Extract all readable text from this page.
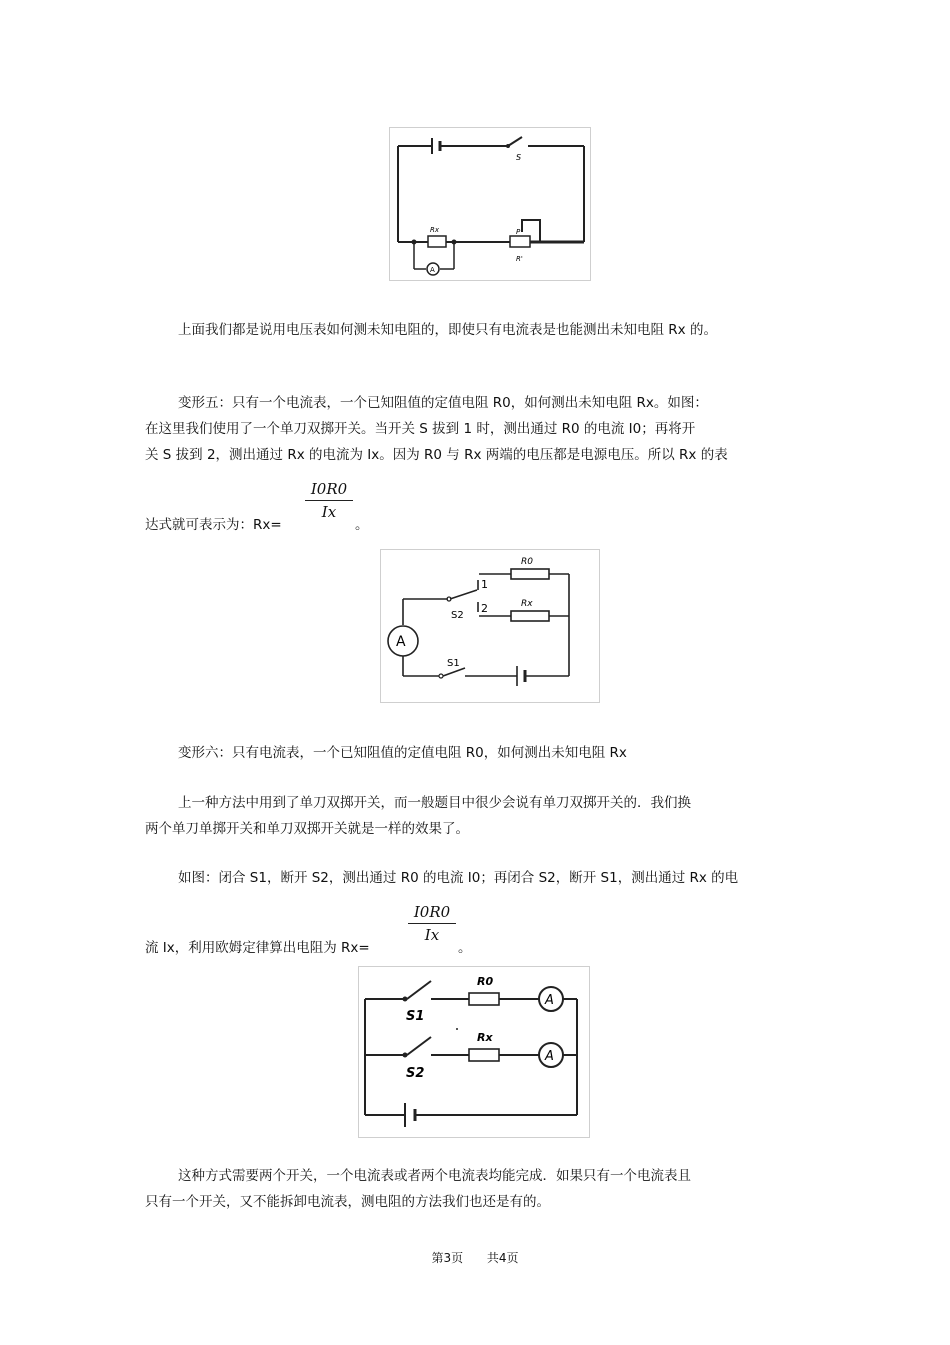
S
Rx	P
R'
A
上面我们都是说用电压表如何测未知电阻的，即使只有电流表是也能测出未知电阻 Rx 的。
变形五：只有一个电流表，一个已知阻值的定值电阻 R0，如何测出未知电阻 Rx。如图：
在这里我们使用了一个单刀双掷开关。当开关 S 拔到 1 时，测出通过 R0 的电流 I0；再将开
关 S 拔到 2，测出通过 Rx 的电流为 Ix。因为 R0 与 Rx 两端的电压都是电源电压。所以 Rx 的表
达式就可表示为：Rx=
$\frac{I0R0}{Ix}$
。
A
R0
Rx
1
2
S2
S1
变形六：只有电流表，一个已知阻值的定值电阻 R0，如何测出未知电阻 Rx
上一种方法中用到了单刀双掷开关，而一般题目中很少会说有单刀双掷开关的．我们换
两个单刀单掷开关和单刀双掷开关就是一样的效果了。
如图：闭合 S1，断开 S2，测出通过 R0 的电流 I0；再闭合 S2，断开 S1，测出通过 Rx 的电
流 Ix，利用欧姆定律算出电阻为 Rx=
$\frac{I0R0}{Ix}$
。
S1
S2
R0
Rx
A
A
这种方式需要两个开关，一个电流表或者两个电流表均能完成．如果只有一个电流表且
只有一个开关，又不能拆卸电流表，测电阻的方法我们也还是有的。
第3页 共4页
